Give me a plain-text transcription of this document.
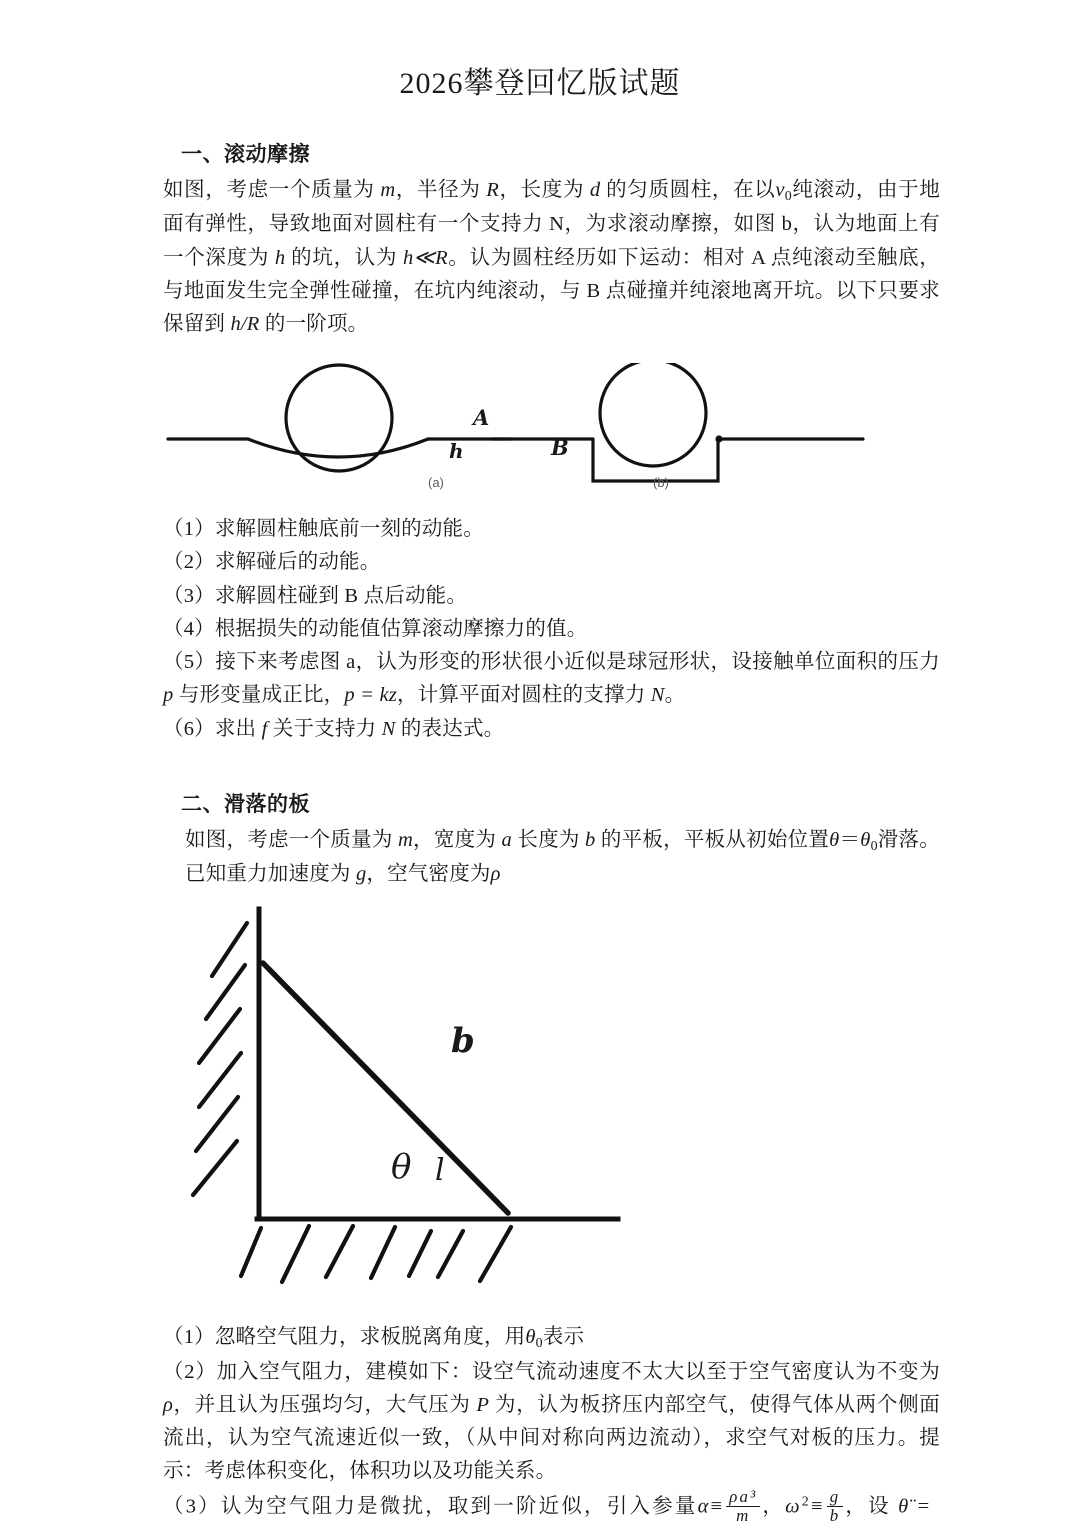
2026攀登回忆版试题
一、滚动摩擦

如图，考虑一个质量为 m，半径为 R，长度为 d 的匀质圆柱，在以$v_0$纯滚动，由于地面有弹性，导致地面对圆柱有一个支持力 N，为求滚动摩擦，如图 b，认为地面上有一个深度为 h 的坑，认为 h≪R。认为圆柱经历如下运动：相对 A 点纯滚动至触底，与地面发生完全弹性碰撞，在坑内纯滚动，与 B 点碰撞并纯滚地离开坑。以下只要求保留到 h/R 的一阶项。

(a)	(b)
A
h	B
（1）求解圆柱触底前一刻的动能。
（2）求解碰后的动能。
（3）求解圆柱碰到 B 点后动能。
（4）根据损失的动能值估算滚动摩擦力的值。
（5）接下来考虑图 a，认为形变的形状很小近似是球冠形状，设接触单位面积的压力 p 与形变量成正比，p = kz，计算平面对圆柱的支撑力 N。
（6）求出 f 关于支持力 N 的表达式。
二、滑落的板

如图，考虑一个质量为 m，宽度为 a 长度为 b 的平板，平板从初始位置$\theta=\theta_0$滑落。已知重力加速度为 g，空气密度为ρ

b
θ l
（1）忽略空气阻力，求板脱离角度，用$\theta_0$表示
（2）加入空气阻力，建模如下：设空气流动速度不太大以至于空气密度认为不变为ρ，并且认为压强均匀，大气压为 P 为，认为板挤压内部空气，使得气体从两个侧面流出，认为空气流速近似一致，（从中间对称向两边流动），求空气对板的压力。提示：考虑体积变化，体积功以及功能关系。
（3）认为空气阻力是微扰，取到一阶近似，引入参量$\alpha\equiv \frac{\text{ρa³}}{m}$ ，$\omega^2\equiv \frac{g}{b}$ ，设 θ̈ =
